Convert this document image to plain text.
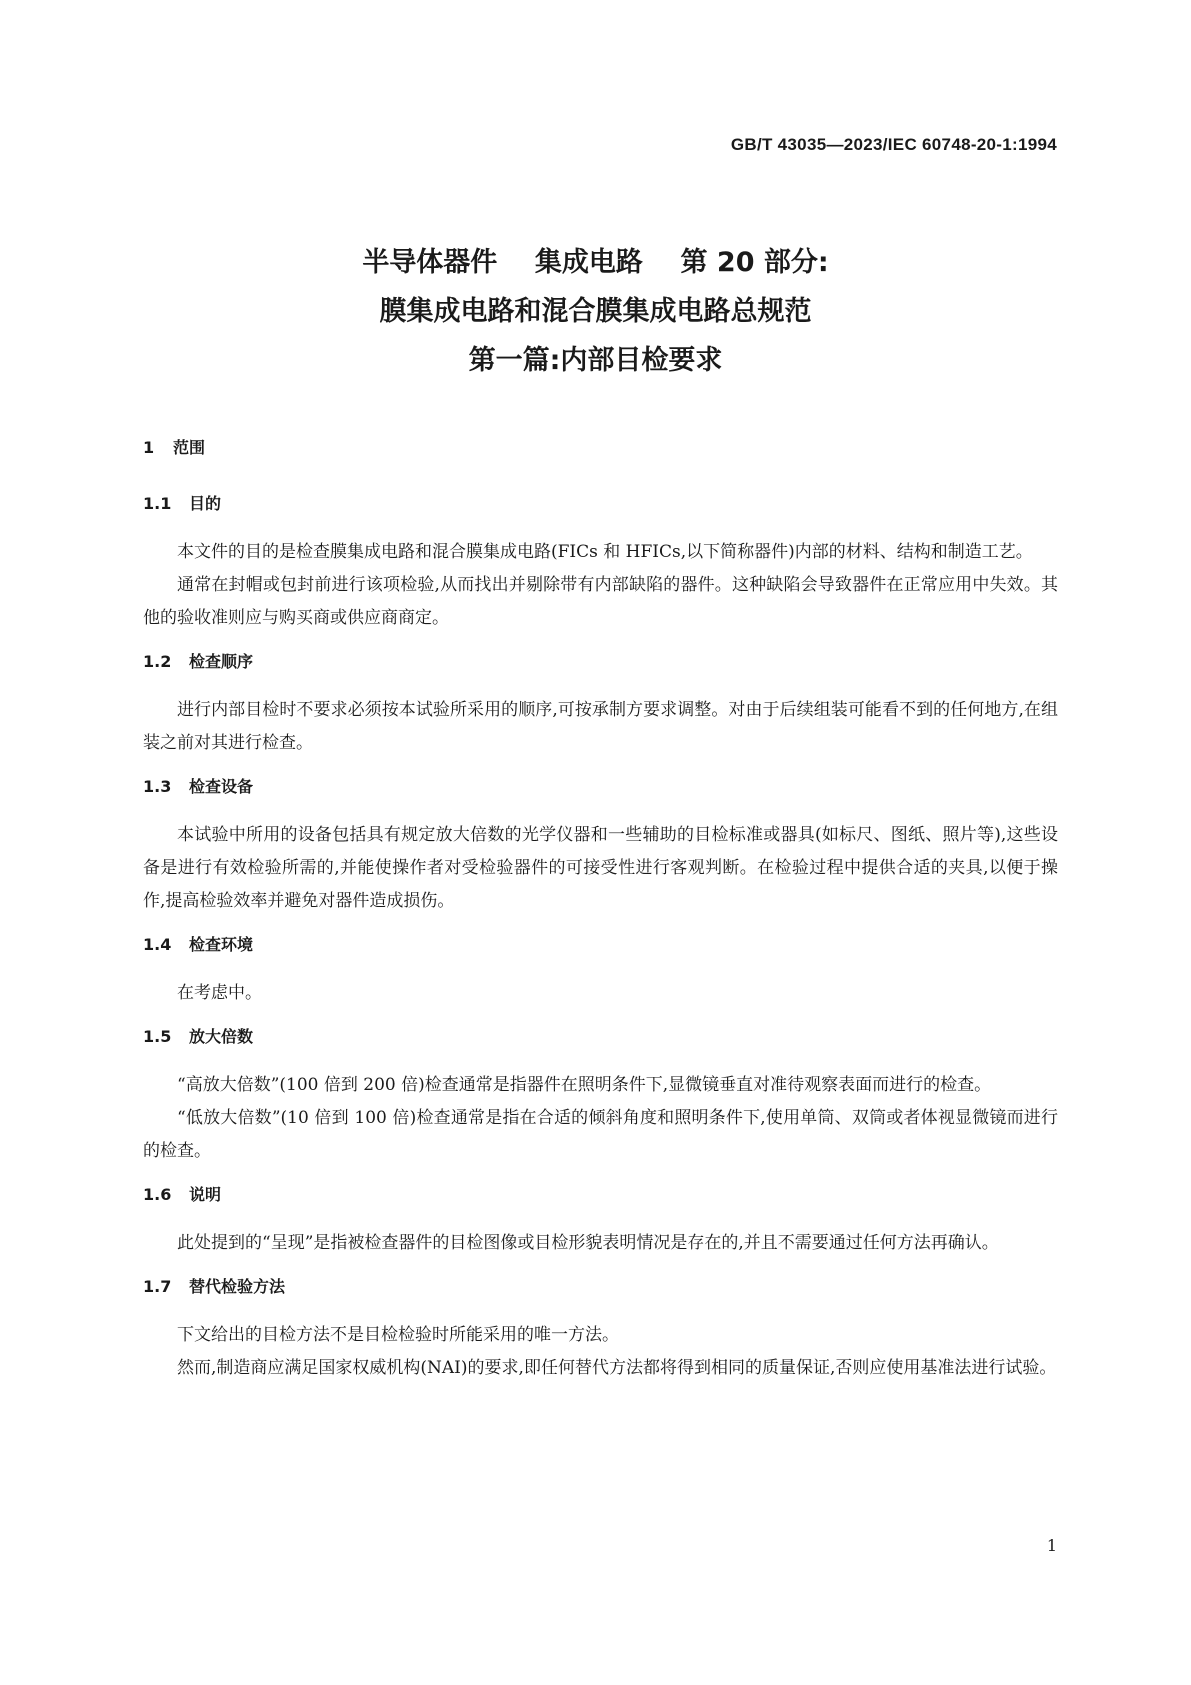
GB/T 43035—2023/IEC 60748-20-1:1994
半导体器件    集成电路    第 20 部分:
膜集成电路和混合膜集成电路总规范
第一篇:内部目检要求
1 范围
1.1 目的

本文件的目的是检查膜集成电路和混合膜集成电路(FICs 和 HFICs,以下简称器件)内部的材料、结构和制造工艺。

通常在封帽或包封前进行该项检验,从而找出并剔除带有内部缺陷的器件。这种缺陷会导致器件在正常应用中失效。其他的验收准则应与购买商或供应商商定。

1.2 检查顺序

进行内部目检时不要求必须按本试验所采用的顺序,可按承制方要求调整。对由于后续组装可能看不到的任何地方,在组装之前对其进行检查。

1.3 检查设备

本试验中所用的设备包括具有规定放大倍数的光学仪器和一些辅助的目检标准或器具(如标尺、图纸、照片等),这些设备是进行有效检验所需的,并能使操作者对受检验器件的可接受性进行客观判断。在检验过程中提供合适的夹具,以便于操作,提高检验效率并避免对器件造成损伤。

1.4 检查环境

在考虑中。

1.5 放大倍数

“高放大倍数”(100 倍到 200 倍)检查通常是指器件在照明条件下,显微镜垂直对准待观察表面而进行的检查。

“低放大倍数”(10 倍到 100 倍)检查通常是指在合适的倾斜角度和照明条件下,使用单筒、双筒或者体视显微镜而进行的检查。

1.6 说明

此处提到的“呈现”是指被检查器件的目检图像或目检形貌表明情况是存在的,并且不需要通过任何方法再确认。

1.7 替代检验方法

下文给出的目检方法不是目检检验时所能采用的唯一方法。

然而,制造商应满足国家权威机构(NAI)的要求,即任何替代方法都将得到相同的质量保证,否则应使用基准法进行试验。

1
